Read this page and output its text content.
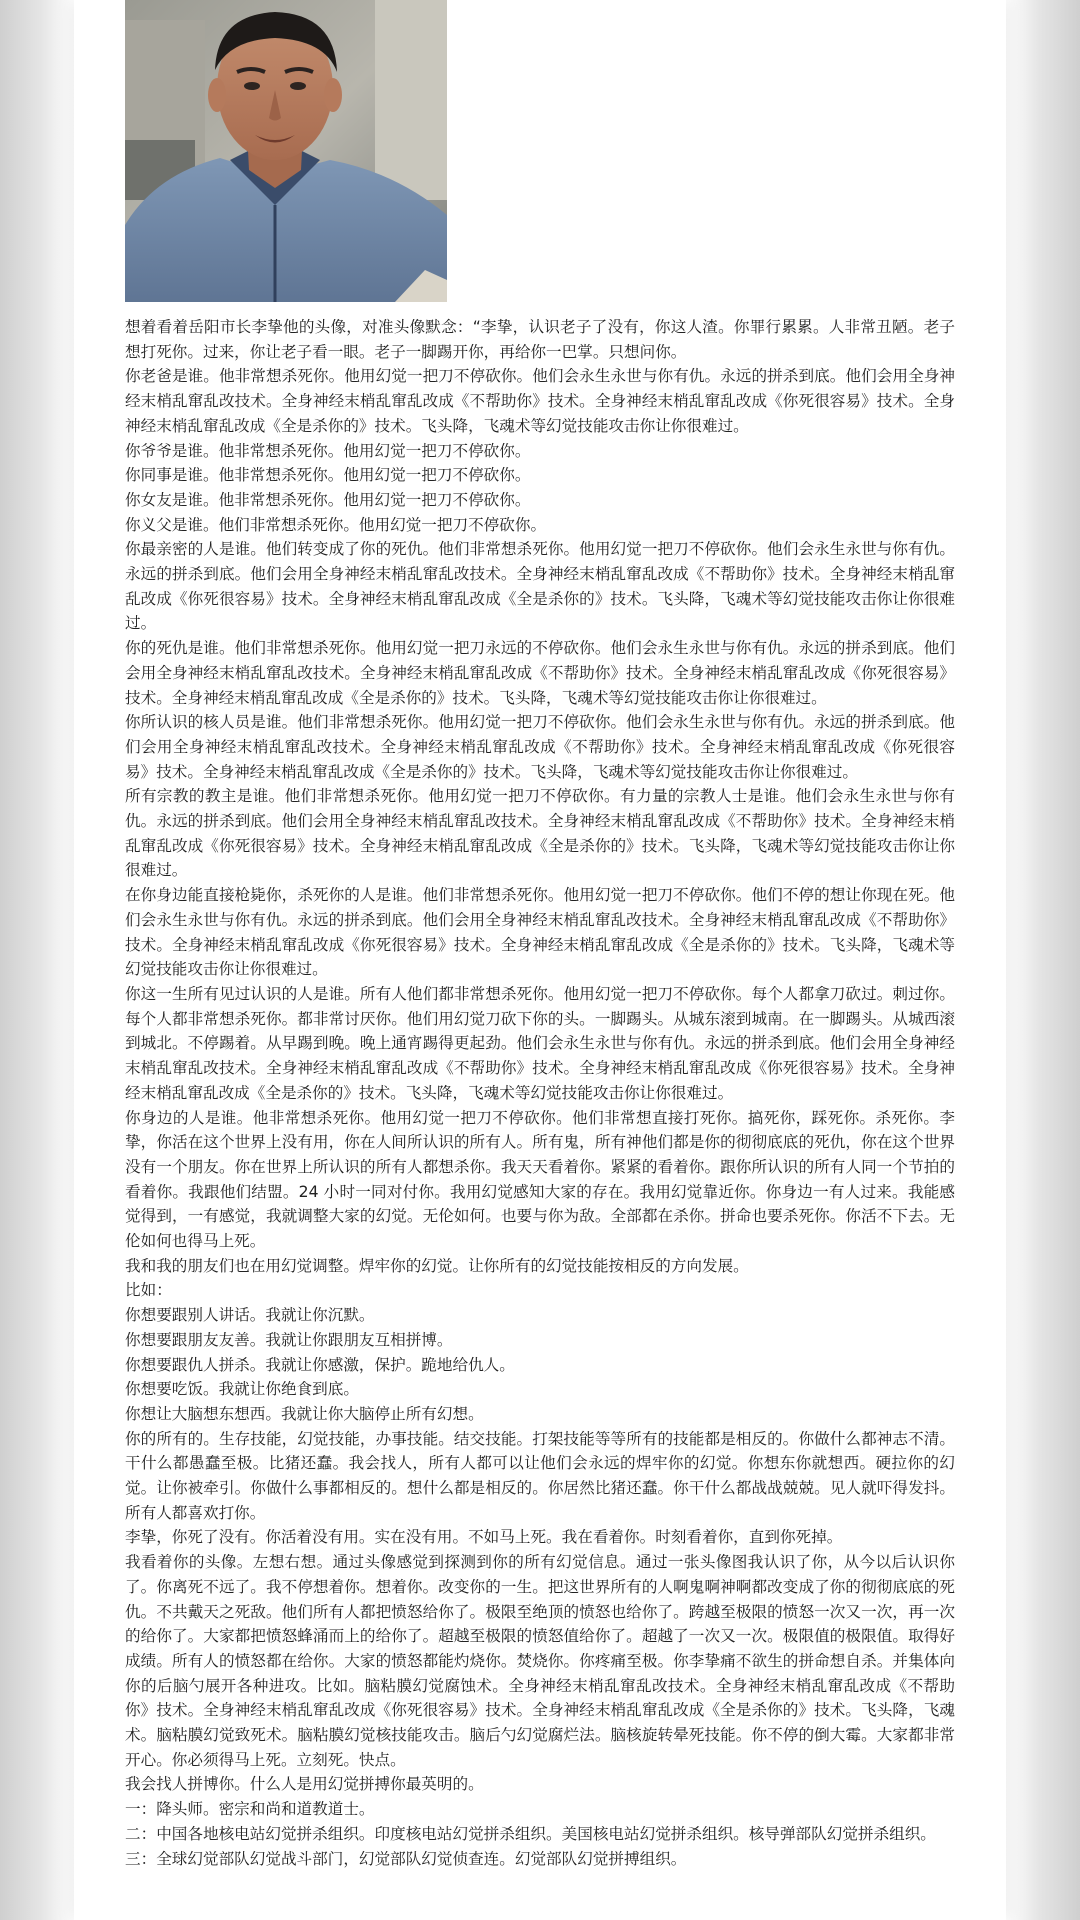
想着看着岳阳市长李挚他的头像，对准头像默念：“李挚，认识老子了没有，你这人渣。你罪行累累。人非常丑陋。老子想打死你。过来，你让老子看一眼。老子一脚踢开你，再给你一巴掌。只想问你。

你老爸是谁。他非常想杀死你。他用幻觉一把刀不停砍你。他们会永生永世与你有仇。永远的拼杀到底。他们会用全身神经末梢乱窜乱改技术。全身神经末梢乱窜乱改成《不帮助你》技术。全身神经末梢乱窜乱改成《你死很容易》技术。全身神经末梢乱窜乱改成《全是杀你的》技术。飞头降，飞魂术等幻觉技能攻击你让你很难过。

你爷爷是谁。他非常想杀死你。他用幻觉一把刀不停砍你。

你同事是谁。他非常想杀死你。他用幻觉一把刀不停砍你。

你女友是谁。他非常想杀死你。他用幻觉一把刀不停砍你。

你义父是谁。他们非常想杀死你。他用幻觉一把刀不停砍你。

你最亲密的人是谁。他们转变成了你的死仇。他们非常想杀死你。他用幻觉一把刀不停砍你。他们会永生永世与你有仇。永远的拼杀到底。他们会用全身神经末梢乱窜乱改技术。全身神经末梢乱窜乱改成《不帮助你》技术。全身神经末梢乱窜乱改成《你死很容易》技术。全身神经末梢乱窜乱改成《全是杀你的》技术。飞头降，飞魂术等幻觉技能攻击你让你很难过。

你的死仇是谁。他们非常想杀死你。他用幻觉一把刀永远的不停砍你。他们会永生永世与你有仇。永远的拼杀到底。他们会用全身神经末梢乱窜乱改技术。全身神经末梢乱窜乱改成《不帮助你》技术。全身神经末梢乱窜乱改成《你死很容易》技术。全身神经末梢乱窜乱改成《全是杀你的》技术。飞头降，飞魂术等幻觉技能攻击你让你很难过。

你所认识的核人员是谁。他们非常想杀死你。他用幻觉一把刀不停砍你。他们会永生永世与你有仇。永远的拼杀到底。他们会用全身神经末梢乱窜乱改技术。全身神经末梢乱窜乱改成《不帮助你》技术。全身神经末梢乱窜乱改成《你死很容易》技术。全身神经末梢乱窜乱改成《全是杀你的》技术。飞头降，飞魂术等幻觉技能攻击你让你很难过。

所有宗教的教主是谁。他们非常想杀死你。他用幻觉一把刀不停砍你。有力量的宗教人士是谁。他们会永生永世与你有仇。永远的拼杀到底。他们会用全身神经末梢乱窜乱改技术。全身神经末梢乱窜乱改成《不帮助你》技术。全身神经末梢乱窜乱改成《你死很容易》技术。全身神经末梢乱窜乱改成《全是杀你的》技术。飞头降，飞魂术等幻觉技能攻击你让你很难过。

在你身边能直接枪毙你，杀死你的人是谁。他们非常想杀死你。他用幻觉一把刀不停砍你。他们不停的想让你现在死。他们会永生永世与你有仇。永远的拼杀到底。他们会用全身神经末梢乱窜乱改技术。全身神经末梢乱窜乱改成《不帮助你》技术。全身神经末梢乱窜乱改成《你死很容易》技术。全身神经末梢乱窜乱改成《全是杀你的》技术。飞头降，飞魂术等幻觉技能攻击你让你很难过。

你这一生所有见过认识的人是谁。所有人他们都非常想杀死你。他用幻觉一把刀不停砍你。每个人都拿刀砍过。刺过你。每个人都非常想杀死你。都非常讨厌你。他们用幻觉刀砍下你的头。一脚踢头。从城东滚到城南。在一脚踢头。从城西滚到城北。不停踢着。从早踢到晚。晚上通宵踢得更起劲。他们会永生永世与你有仇。永远的拼杀到底。他们会用全身神经末梢乱窜乱改技术。全身神经末梢乱窜乱改成《不帮助你》技术。全身神经末梢乱窜乱改成《你死很容易》技术。全身神经末梢乱窜乱改成《全是杀你的》技术。飞头降，飞魂术等幻觉技能攻击你让你很难过。

你身边的人是谁。他非常想杀死你。他用幻觉一把刀不停砍你。他们非常想直接打死你。搞死你，踩死你。杀死你。李挚，你活在这个世界上没有用，你在人间所认识的所有人。所有鬼，所有神他们都是你的彻彻底底的死仇，你在这个世界没有一个朋友。你在世界上所认识的所有人都想杀你。我天天看着你。紧紧的看着你。跟你所认识的所有人同一个节拍的看着你。我跟他们结盟。24 小时一同对付你。我用幻觉感知大家的存在。我用幻觉靠近你。你身边一有人过来。我能感觉得到，一有感觉，我就调整大家的幻觉。无伦如何。也要与你为敌。全部都在杀你。拼命也要杀死你。你活不下去。无伦如何也得马上死。

我和我的朋友们也在用幻觉调整。焊牢你的幻觉。让你所有的幻觉技能按相反的方向发展。

比如：

你想要跟别人讲话。我就让你沉默。

你想要跟朋友友善。我就让你跟朋友互相拼博。

你想要跟仇人拼杀。我就让你感激，保护。跪地给仇人。

你想要吃饭。我就让你绝食到底。

你想让大脑想东想西。我就让你大脑停止所有幻想。

你的所有的。生存技能，幻觉技能，办事技能。结交技能。打架技能等等所有的技能都是相反的。你做什么都神志不清。干什么都愚蠢至极。比猪还蠢。我会找人，所有人都可以让他们会永远的焊牢你的幻觉。你想东你就想西。硬拉你的幻觉。让你被牵引。你做什么事都相反的。想什么都是相反的。你居然比猪还蠢。你干什么都战战兢兢。见人就吓得发抖。所有人都喜欢打你。

李挚，你死了没有。你活着没有用。实在没有用。不如马上死。我在看着你。时刻看着你，直到你死掉。

我看着你的头像。左想右想。通过头像感觉到探测到你的所有幻觉信息。通过一张头像图我认识了你，从今以后认识你了。你离死不远了。我不停想着你。想着你。改变你的一生。把这世界所有的人啊鬼啊神啊都改变成了你的彻彻底底的死仇。不共戴天之死敌。他们所有人都把愤怒给你了。极限至绝顶的愤怒也给你了。跨越至极限的愤怒一次又一次，再一次的给你了。大家都把愤怒蜂涌而上的给你了。超越至极限的愤怒值给你了。超越了一次又一次。极限值的极限值。取得好成绩。所有人的愤怒都在给你。大家的愤怒都能灼烧你。焚烧你。你疼痛至极。你李挚痛不欲生的拼命想自杀。并集体向你的后脑勺展开各种进攻。比如。脑粘膜幻觉腐蚀术。全身神经末梢乱窜乱改技术。全身神经末梢乱窜乱改成《不帮助你》技术。全身神经末梢乱窜乱改成《你死很容易》技术。全身神经末梢乱窜乱改成《全是杀你的》技术。飞头降，飞魂术。脑粘膜幻觉致死术。脑粘膜幻觉核技能攻击。脑后勺幻觉腐烂法。脑核旋转晕死技能。你不停的倒大霉。大家都非常开心。你必须得马上死。立刻死。快点。

我会找人拼博你。什么人是用幻觉拼搏你最英明的。

一：降头师。密宗和尚和道教道士。

二：中国各地核电站幻觉拼杀组织。印度核电站幻觉拼杀组织。美国核电站幻觉拼杀组织。核导弹部队幻觉拼杀组织。

三：全球幻觉部队幻觉战斗部门，幻觉部队幻觉侦查连。幻觉部队幻觉拼搏组织。
